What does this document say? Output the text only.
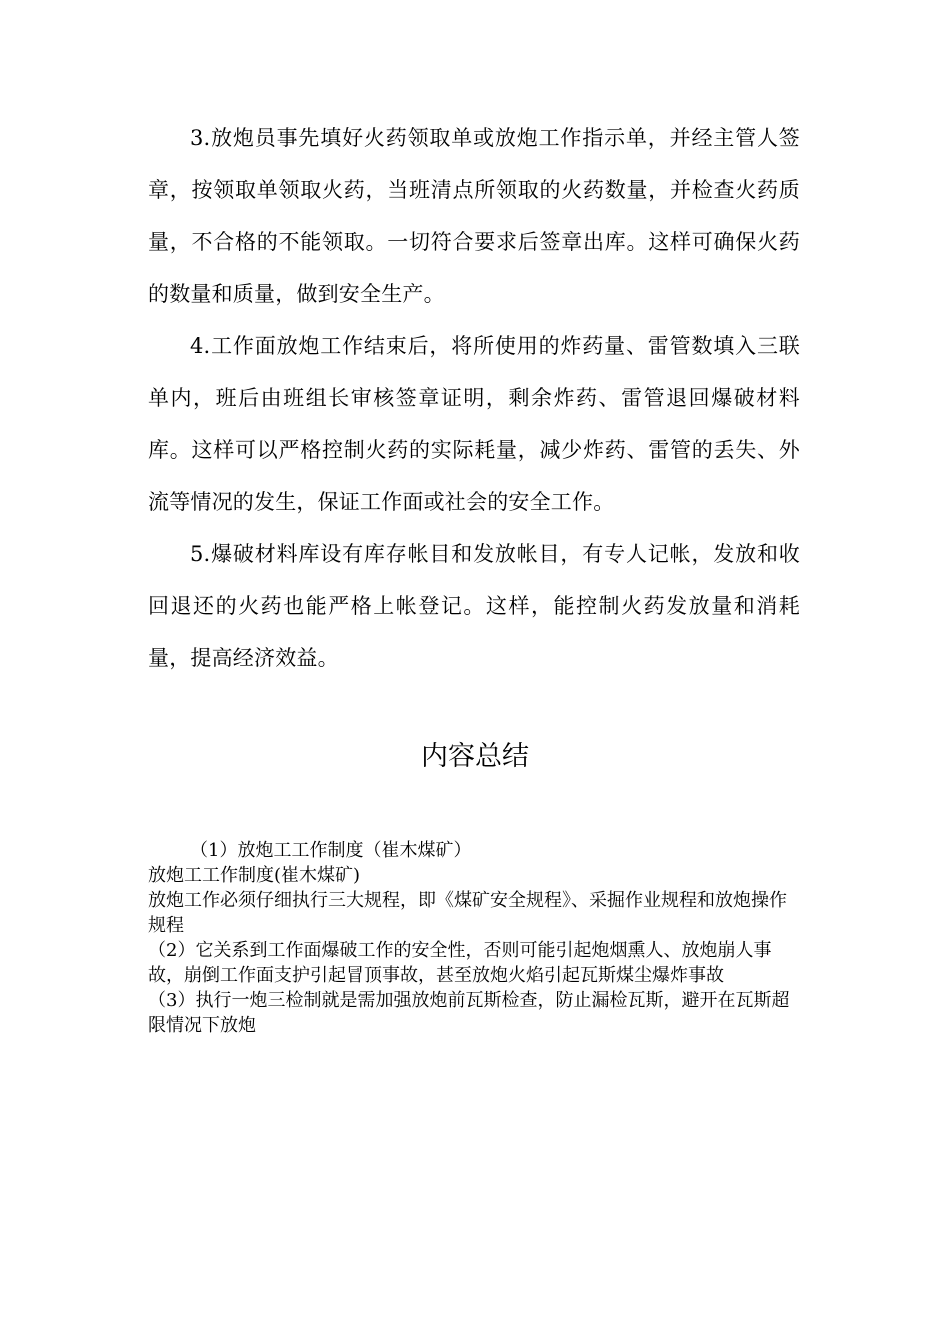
3.放炮员事先填好火药领取单或放炮工作指示单，并经主管人签章，按领取单领取火药，当班清点所领取的火药数量，并检查火药质量，不合格的不能领取。一切符合要求后签章出库。这样可确保火药的数量和质量，做到安全生产。

4.工作面放炮工作结束后，将所使用的炸药量、雷管数填入三联单内，班后由班组长审核签章证明，剩余炸药、雷管退回爆破材料库。这样可以严格控制火药的实际耗量，减少炸药、雷管的丢失、外流等情况的发生，保证工作面或社会的安全工作。

5.爆破材料库设有库存帐目和发放帐目，有专人记帐，发放和收回退还的火药也能严格上帐登记。这样，能控制火药发放量和消耗量，提高经济效益。

内容总结

（1）放炮工工作制度（崔木煤矿）

放炮工工作制度(崔木煤矿)

放炮工作必须仔细执行三大规程，即《煤矿安全规程》、采掘作业规程和放炮操作规程

（2）它关系到工作面爆破工作的安全性，否则可能引起炮烟熏人、放炮崩人事故，崩倒工作面支护引起冒顶事故，甚至放炮火焰引起瓦斯煤尘爆炸事故

（3）执行一炮三检制就是需加强放炮前瓦斯检查，防止漏检瓦斯，避开在瓦斯超限情况下放炮
